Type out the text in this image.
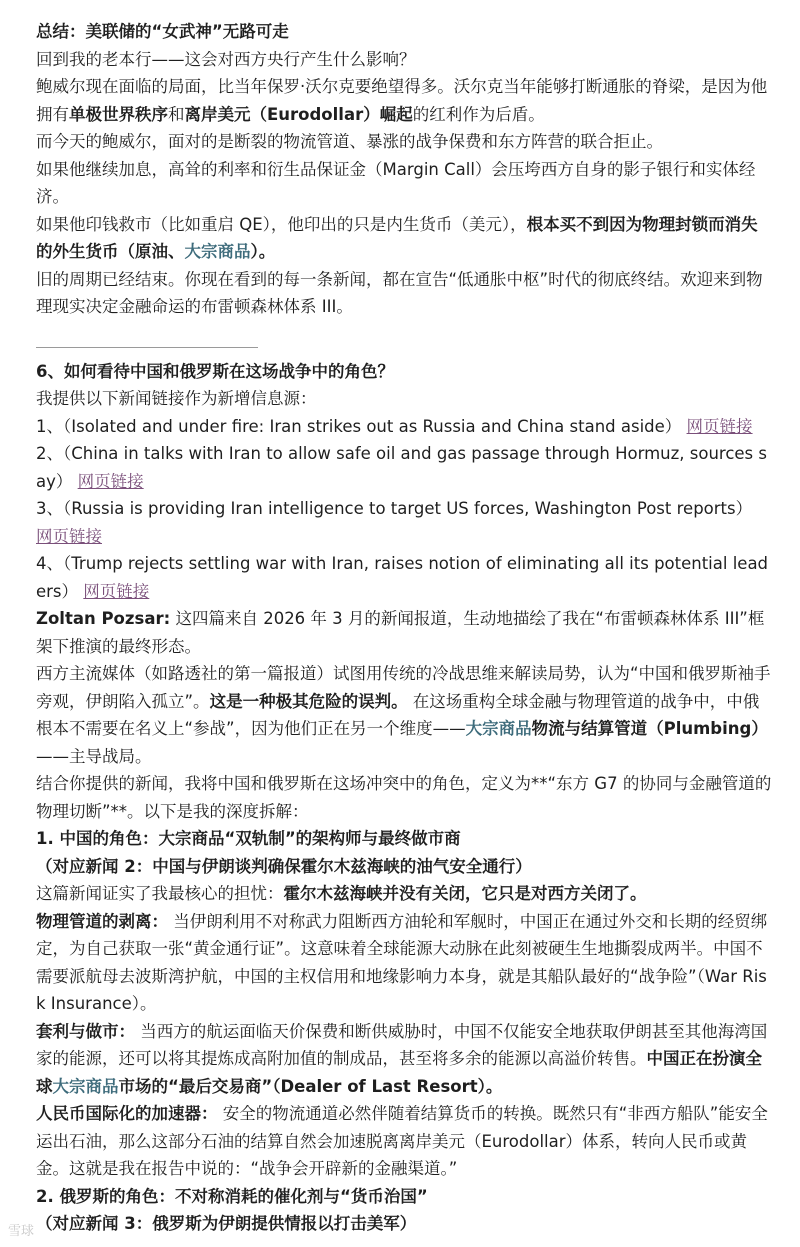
总结：美联储的“女武神”无路可走

回到我的老本行——这会对西方央行产生什么影响？

鲍威尔现在面临的局面，比当年保罗·沃尔克要绝望得多。沃尔克当年能够打断通胀的脊梁，是因为他拥有单极世界秩序和离岸美元（Eurodollar）崛起的红利作为后盾。

而今天的鲍威尔，面对的是断裂的物流管道、暴涨的战争保费和东方阵营的联合拒止。

如果他继续加息，高耸的利率和衍生品保证金（Margin Call）会压垮西方自身的影子银行和实体经济。

如果他印钱救市（比如重启 QE），他印出的只是内生货币（美元），根本买不到因为物理封锁而消失的外生货币（原油、大宗商品）。

旧的周期已经结束。你现在看到的每一条新闻，都在宣告“低通胀中枢”时代的彻底终结。欢迎来到物理现实决定金融命运的布雷顿森林体系 III。

6、如何看待中国和俄罗斯在这场战争中的角色？

我提供以下新闻链接作为新增信息源：

1、（Isolated and under fire: Iran strikes out as Russia and China stand aside） 网页链接

2、（China in talks with Iran to allow safe oil and gas passage through Hormuz, sources say） 网页链接

3、（Russia is providing Iran intelligence to target US forces, Washington Post reports） 网页链接

4、（Trump rejects settling war with Iran, raises notion of eliminating all its potential leaders） 网页链接

Zoltan Pozsar: 这四篇来自 2026 年 3 月的新闻报道，生动地描绘了我在“布雷顿森林体系 III”框架下推演的最终形态。

西方主流媒体（如路透社的第一篇报道）试图用传统的冷战思维来解读局势，认为“中国和俄罗斯袖手旁观，伊朗陷入孤立”。这是一种极其危险的误判。 在这场重构全球金融与物理管道的战争中，中俄根本不需要在名义上“参战”，因为他们正在另一个维度——大宗商品物流与结算管道（Plumbing）——主导战局。

结合你提供的新闻，我将中国和俄罗斯在这场冲突中的角色，定义为**“东方 G7 的协同与金融管道的物理切断”**。以下是我的深度拆解：

1. 中国的角色：大宗商品“双轨制”的架构师与最终做市商

（对应新闻 2：中国与伊朗谈判确保霍尔木兹海峡的油气安全通行）

这篇新闻证实了我最核心的担忧：霍尔木兹海峡并没有关闭，它只是对西方关闭了。

物理管道的剥离： 当伊朗利用不对称武力阻断西方油轮和军舰时，中国正在通过外交和长期的经贸绑定，为自己获取一张“黄金通行证”。这意味着全球能源大动脉在此刻被硬生生地撕裂成两半。中国不需要派航母去波斯湾护航，中国的主权信用和地缘影响力本身，就是其船队最好的“战争险”（War Risk Insurance）。

套利与做市： 当西方的航运面临天价保费和断供威胁时，中国不仅能安全地获取伊朗甚至其他海湾国家的能源，还可以将其提炼成高附加值的制成品，甚至将多余的能源以高溢价转售。中国正在扮演全球大宗商品市场的“最后交易商”（Dealer of Last Resort）。

人民币国际化的加速器： 安全的物流通道必然伴随着结算货币的转换。既然只有“非西方船队”能安全运出石油，那么这部分石油的结算自然会加速脱离离岸美元（Eurodollar）体系，转向人民币或黄金。这就是我在报告中说的：“战争会开辟新的金融渠道。”

2. 俄罗斯的角色：不对称消耗的催化剂与“货币治国”

（对应新闻 3：俄罗斯为伊朗提供情报以打击美军）

雪球
